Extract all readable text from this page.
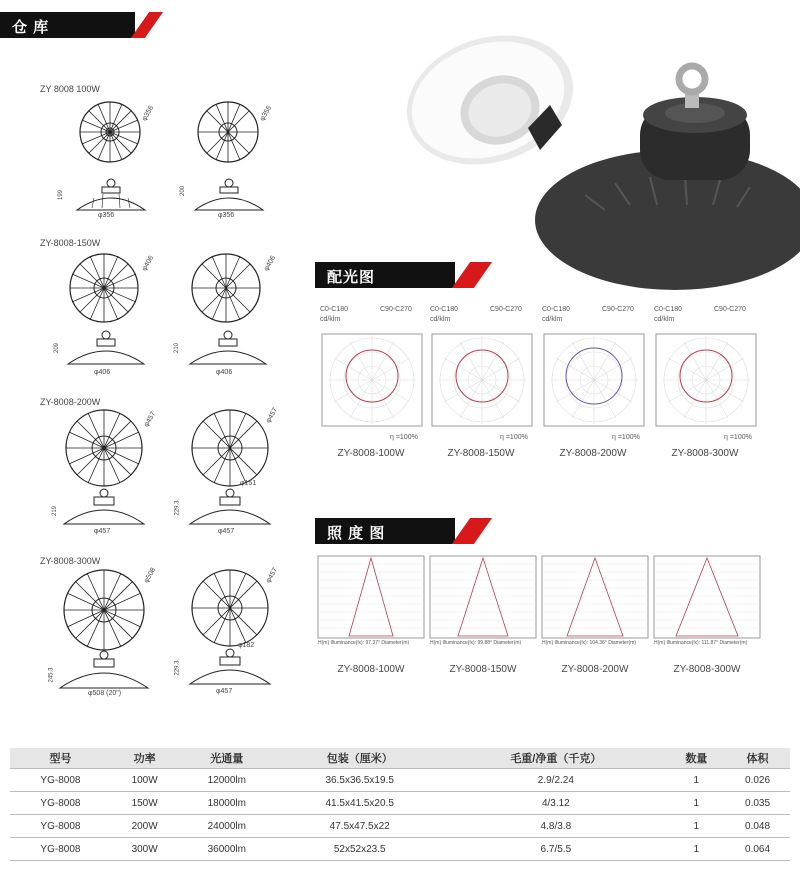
仓 库
ZY 8008 100W
φ356	φ356
φ356	φ356
199	200
ZY-8008-150W
φ406	φ406
φ406	φ406
209	210
ZY-8008-200W
φ457	φ457
φ457
φ151
φ457
219	229.3
ZY-8008-300W
φ508	φ457
φ508 (20")
φ182
φ457
245.3	229.3
配光图
C0-C180	C90-C270
cd/klm
η =100%
ZY-8008-100W
C0-C180	C90-C270
cd/klm
η =100%
ZY-8008-150W
C0-C180	C90-C270
cd/klm
η =100%
ZY-8008-200W
C0-C180	C90-C270
cd/klm
η =100%
ZY-8008-300W
照 度 图
H(m) Illuminance(lx): 97.37° Diameter(m)
ZY-8008-100W
H(m) Illuminance(lx): 99.88° Diameter(m)
ZY-8008-150W
H(m) Illuminance(lx): 104.36° Diameter(m)
ZY-8008-200W
H(m) Illuminance(lx): 111.87° Diameter(m)
ZY-8008-300W
型号	功率	光通量	包装（厘米）	毛重/净重（千克）	数量	体积
YG-8008	100W	12000lm	36.5x36.5x19.5	2.9/2.24	1	0.026
YG-8008	150W	18000lm	41.5x41.5x20.5	4/3.12	1	0.035
YG-8008	200W	24000lm	47.5x47.5x22	4.8/3.8	1	0.048
YG-8008	300W	36000lm	52x52x23.5	6.7/5.5	1	0.064
